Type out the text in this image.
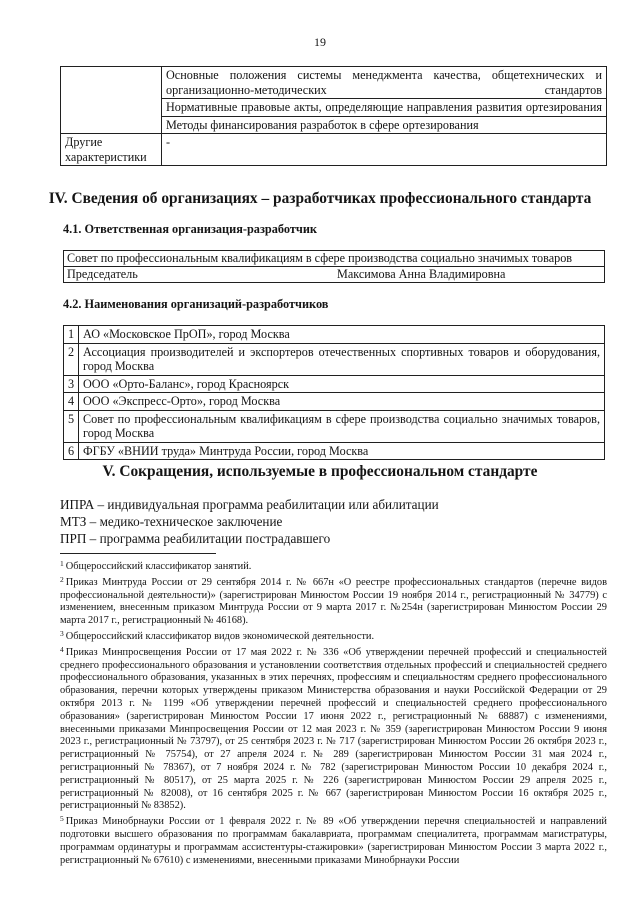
19
	Основные положения системы менеджмента качества, общетехнических и организационно-методических стандартов
	Нормативные правовые акты, определяющие направления развития ортезирования
	Методы финансирования разработок в сфере ортезирования
Другие характеристики	-
IV. Сведения об организациях – разработчиках профессионального стандарта
4.1. Ответственная организация-разработчик
Совет по профессиональным квалификациям в сфере производства социально значимых товаров
Председатель	Максимова Анна Владимировна
4.2. Наименования организаций-разработчиков
1	АО «Московское ПрОП», город Москва
2	Ассоциация производителей и экспортеров отечественных спортивных товаров и оборудования, город Москва
3	ООО «Орто-Баланс», город Красноярск
4	ООО «Экспресс-Орто», город Москва
5	Совет по профессиональным квалификациям в сфере производства социально значимых товаров, город Москва
6	ФГБУ «ВНИИ труда» Минтруда России, город Москва
V. Сокращения, используемые в профессиональном стандарте
ИПРА – индивидуальная программа реабилитации или абилитации
МТЗ – медико-техническое заключение
ПРП – программа реабилитации пострадавшего

$^1$ Общероссийский классификатор занятий.

$^2$ Приказ Минтруда России от 29 сентября 2014 г. № 667н «О реестре профессиональных стандартов (перечне видов профессиональной деятельности)» (зарегистрирован Минюстом России 19 ноября 2014 г., регистрационный № 34779) с изменением, внесенным приказом Минтруда России от 9 марта 2017 г. №254н (зарегистрирован Минюстом России 29 марта 2017 г., регистрационный № 46168).

$^3$ Общероссийский классификатор видов экономической деятельности.

$^4$ Приказ Минпросвещения России от 17 мая 2022 г. № 336 «Об утверждении перечней профессий и специальностей среднего профессионального образования и установлении соответствия отдельных профессий и специальностей среднего профессионального образования, указанных в этих перечнях, профессиям и специальностям среднего профессионального образования, перечни которых утверждены приказом Министерства образования и науки Российской Федерации от 29 октября 2013 г. № 1199 «Об утверждении перечней профессий и специальностей среднего профессионального образования» (зарегистрирован Минюстом России 17 июня 2022 г., регистрационный № 68887) с изменениями, внесенными приказами Минпросвещения России от 12 мая 2023 г. № 359 (зарегистрирован Минюстом России 9 июня 2023 г., регистрационный № 73797), от 25 сентября 2023 г. № 717 (зарегистрирован Минюстом России 26 октября 2023 г., регистрационный № 75754), от 27 апреля 2024 г. № 289 (зарегистрирован Минюстом России 31 мая 2024 г., регистрационный № 78367), от 7 ноября 2024 г. № 782 (зарегистрирован Минюстом России 10 декабря 2024 г., регистрационный № 80517), от 25 марта 2025 г. № 226 (зарегистрирован Минюстом России 29 апреля 2025 г., регистрационный № 82008), от 16 сентября 2025 г. № 667 (зарегистрирован Минюстом России 16 октября 2025 г., регистрационный № 83852).

$^5$ Приказ Минобрнауки России от 1 февраля 2022 г. № 89 «Об утверждении перечня специальностей и направлений подготовки высшего образования по программам бакалавриата, программам специалитета, программам магистратуры, программам ординатуры и программам ассистентуры-стажировки» (зарегистрирован Минюстом России 3 марта 2022 г., регистрационный № 67610) с изменениями, внесенными приказами Минобрнауки России
